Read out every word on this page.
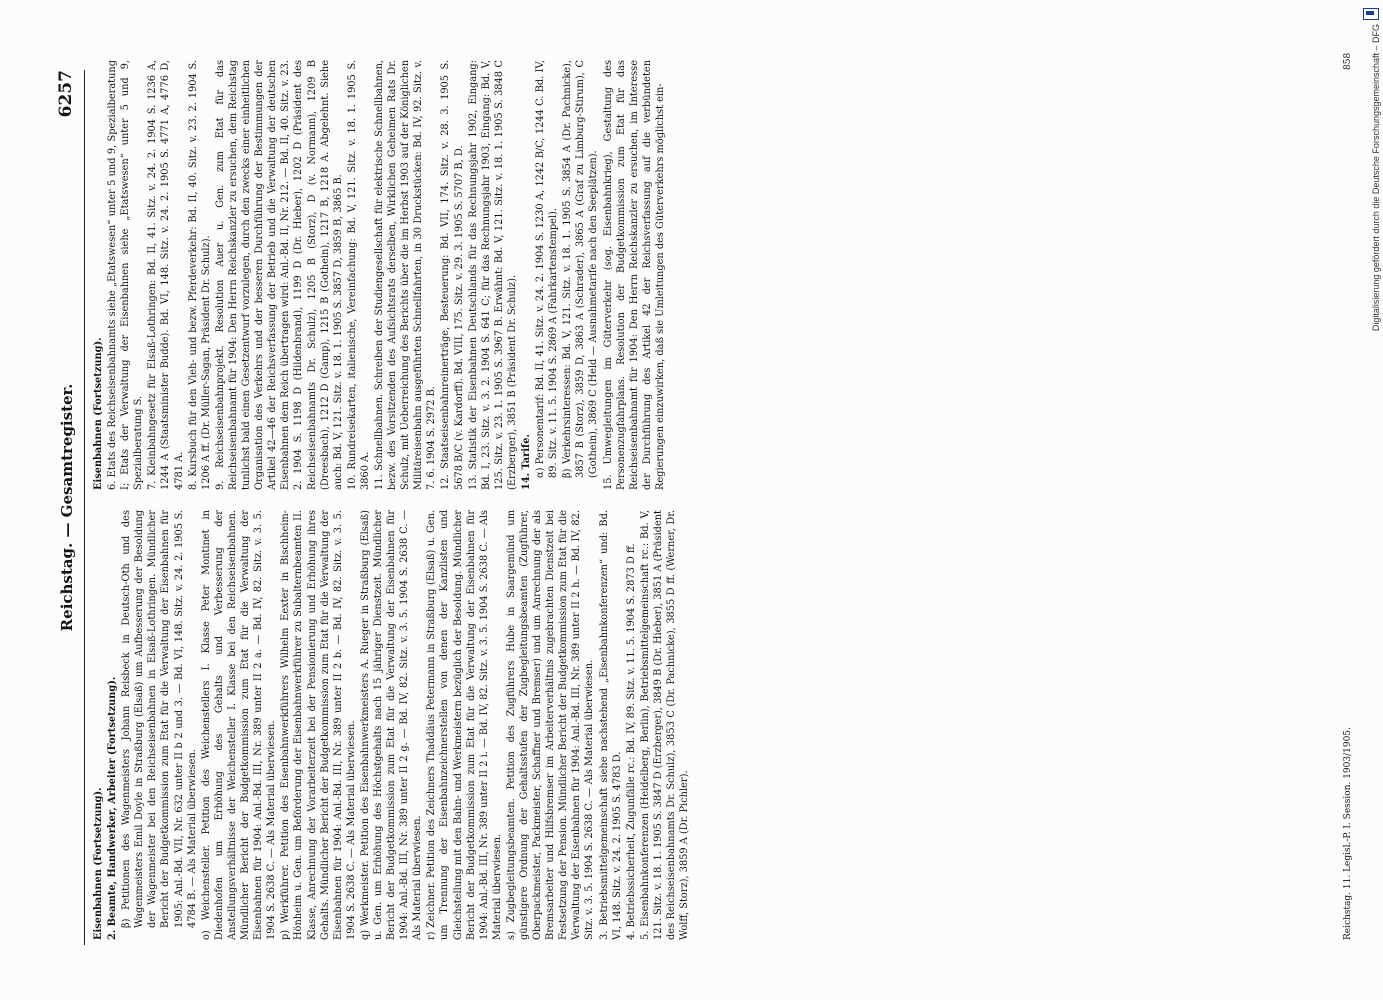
Reichstag. — Gesamtregister.
6257

Eisenbahnen (Fortsetzung). 2. Beamte, Handwerker, Arbeiter (Fortsetzung). β) Petitionen des Wagenmeisters Johann Reisbeck in Deutsch-Oth und des Wagenmeisters Emil Doyle in Straßburg (Elsaß) um Aufbesserung der Besoldung der Wagenmeister bei den Reichseisenbahnen in Elsaß-Lothringen. Mündlicher Bericht der Budgetkommission zum Etat für die Verwaltung der Eisenbahnen für 1905: Anl.-Bd. VII, Nr. 632 unter II b 2 und 3. — Bd. VI, 148. Sitz. v. 24. 2. 1905 S. 4784 B. — Als Material überwiesen. o) Weichensteller. Petition des Weichenstellers I. Klasse Peter Montinet in Diedenhofen um Erhöhung des Gehalts und Verbesserung der Anstellungsverhältnisse der Weichensteller I. Klasse bei den Reichseisenbahnen. Mündlicher Bericht der Budgetkommission zum Etat für die Verwaltung der Eisenbahnen für 1904: Anl.-Bd. III, Nr. 389 unter II 2 a. — Bd. IV, 82. Sitz. v. 3. 5. 1904 S. 2638 C. — Als Material überwiesen. p) Werkführer. Petition des Eisenbahnwerkführers Wilhelm Eexter in Bischheim-Hönheim u. Gen. um Beförderung der Eisenbahnwerkführer zu Subalternbeamten II. Klasse, Anrechnung der Vorarbeiterzeit bei der Pensionierung und Erhöhung ihres Gehalts. Mündlicher Bericht der Budgetkommission zum Etat für die Verwaltung der Eisenbahnen für 1904: Anl.-Bd. III, Nr. 389 unter II 2 b. — Bd. IV, 82. Sitz. v. 3. 5. 1904 S. 2638 C. — Als Material überwiesen. q) Werkmeister. Petition des Eisenbahnwerkmeisters A. Rueger in Straßburg (Elsaß) u. Gen. um Erhöhung des Höchstgehalts nach 15 jähriger Dienstzeit. Mündlicher Bericht der Budgetkommission zum Etat für die Verwaltung der Eisenbahnen für 1904: Anl.-Bd. III, Nr. 389 unter II 2 g. — Bd. IV, 82. Sitz. v. 3. 5. 1904 S. 2638 C. — Als Material überwiesen. r) Zeichner. Petition des Zeichners Thaddäus Petermann in Straßburg (Elsaß) u. Gen. um Trennung der Eisenbahnzeichnerstellen von denen der Kanzlisten und Gleichstellung mit den Bahn- und Werkmeistern bezüglich der Besoldung. Mündlicher Bericht der Budgetkommission zum Etat für die Verwaltung der Eisenbahnen für 1904: Anl.-Bd. III, Nr. 389 unter II 2 i. — Bd. IV, 82. Sitz. v. 3. 5. 1904 S. 2638 C. — Als Material überwiesen. s) Zugbegleitungsbeamten. Petition des Zugführers Hube in Saargemünd um günstigere Ordnung der Gehaltsstufen der Zugbegleitungsbeamten (Zugführer, Oberpackmeister, Packmeister, Schaffner und Bremser) und um Anrechnung der als Bremsarbeiter und Hilfsbremser im Arbeiterverhältnis zugebrachten Dienstzeit bei Festsetzung der Pension. Mündlicher Bericht der Budgetkommission zum Etat für die Verwaltung der Eisenbahnen für 1904: Anl.-Bd. III, Nr. 389 unter II 2 h. — Bd. IV, 82. Sitz. v. 3. 5. 1904 S. 2638 C. — Als Material überwiesen. 3. Betriebsmittelgemeinschaft siehe nachstehend „Eisenbahnkonferenzen“ und: Bd. VI, 148. Sitz. v. 24. 2. 1905 S. 4783 D. 4. Betriebssicherheit, Zugunfälle rc.: Bd. IV, 89. Sitz. v. 11. 5. 1904 S. 2873 D ff. 5. Eisenbahnkonferenzen (Heidelberg, Berlin), Betriebsmittelgemeinschaft rc.: Bd. V, 121. Sitz. v. 18. 1. 1905 S. 3847 D (Erzberger), 3849 B (Dr. Hieber), 3851 A (Präsident des Reichseisenbahnamts Dr. Schulz), 3853 C (Dr. Pachnicke), 3855 D ff. (Werner, Dr. Wolff, Storz), 3859 A (Dr. Pichler).

Eisenbahnen (Fortsetzung). 6. Etats des Reichseisenbahnamts siehe „Etatswesen“ unter 5 und 9, Spezialberatung I; Etats der Verwaltung der Eisenbahnen siehe „Etatswesen“ unter 5 und 9, Spezialberatung S. 7. Kleinbahngesetz für Elsaß-Lothringen: Bd. II, 41. Sitz. v. 24. 2. 1904 S. 1236 A, 1244 A (Staatsminister Budde). Bd. VI, 148. Sitz. v. 24. 2. 1905 S. 4771 A, 4776 D, 4781 A. 8. Kursbuch für den Vieh- und bezw. Pferdeverkehr: Bd. II, 40. Sitz. v. 23. 2. 1904 S. 1206 A ff. (Dr. Müller-Sagan, Präsident Dr. Schulz). 9. Reichseisenbahnprojekt. Resolution Auer u. Gen. zum Etat für das Reichseisenbahnamt für 1904: Den Herrn Reichskanzler zu ersuchen, dem Reichstag tunlichst bald einen Gesetzentwurf vorzulegen, durch den zwecks einer einheitlichen Organisation des Verkehrs und der besseren Durchführung der Bestimmungen der Artikel 42—46 der Reichsverfassung der Betrieb und die Verwaltung der deutschen Eisenbahnen dem Reich übertragen wird: Anl.-Bd. II, Nr. 212. — Bd. II, 40. Sitz. v. 23. 2. 1904 S. 1198 D (Hildenbrand), 1199 D (Dr. Hieber), 1202 D (Präsident des Reichseisenbahnamts Dr. Schulz), 1205 B (Storz), D (v. Normann), 1209 B (Dreesbach), 1212 D (Gamp), 1215 B (Gothein), 1217 B, 1218 A. Abgelehnt. Siehe auch: Bd. V, 121. Sitz. v. 18. 1. 1905 S. 3857 D, 3859 B, 3865 B. 10. Rundreisekarten, italienische, Vereinfachung: Bd. V, 121. Sitz. v. 18. 1. 1905 S. 3860 A. 11. Schnellbahnen. Schreiben der Studiengesellschaft für elektrische Schnellbahnen, bezw. des Vorsitzenden des Aufsichtsrats derselben, Wirklichen Geheimen Rats Dr. Schulz, mit Ueberreichung des Berichts über die im Herbst 1903 auf der Königlichen Militäreisenbahn ausgeführten Schnellfahrten, in 30 Druckstücken: Bd. IV, 92. Sitz. v. 7. 6. 1904 S. 2972 B. 12. Staatseisenbahnreinerträge, Besteuerung: Bd. VII, 174. Sitz. v. 28. 3. 1905 S. 5678 B/C (v. Kardorff). Bd. VIII, 175. Sitz. v. 29. 3. 1905 S. 5707 B, D. 13. Statistik der Eisenbahnen Deutschlands für das Rechnungsjahr 1902, Eingang: Bd. I, 23. Sitz. v. 3. 2. 1904 S. 641 C; für das Rechnungsjahr 1903, Eingang: Bd. V, 125. Sitz. v. 23. 1. 1905 S. 3967 B. Erwähnt: Bd. V, 121. Sitz. v. 18. 1. 1905 S. 3848 C (Erzberger), 3851 B (Präsident Dr. Schulz). 14. Tarife. α) Personentarif: Bd. II, 41. Sitz. v. 24. 2. 1904 S. 1230 A, 1242 B/C, 1244 C. Bd. IV, 89. Sitz. v. 11. 5. 1904 S. 2869 A (Fahrkartenstempel). β) Verkehrsinteressen: Bd. V, 121. Sitz. v. 18. 1. 1905 S. 3854 A (Dr. Pachnicke), 3857 B (Storz), 3859 D, 3863 A (Schrader), 3865 A (Graf zu Limburg-Stirum), C (Gothein), 3869 C (Held — Ausnahmetarife nach den Seeplätzen). 15. Umwegleitungen im Güterverkehr (sog. Eisenbahnkrieg), Gestaltung des Personenzugfahrplans. Resolution der Budgetkommission zum Etat für das Reichseisenbahnamt für 1904: Den Herrn Reichskanzler zu ersuchen, im Interesse der Durchführung des Artikel 42 der Reichsverfassung auf die verbündeten Regierungen einzuwirken, daß sie Umleitungen des Güterverkehrs möglichst ein-

Reichstag. 11. Legisl.-P. I. Session. 1903/1905.
858 Digitalisierung gefördert durch die Deutsche Forschungsgemeinschaft – DFG
